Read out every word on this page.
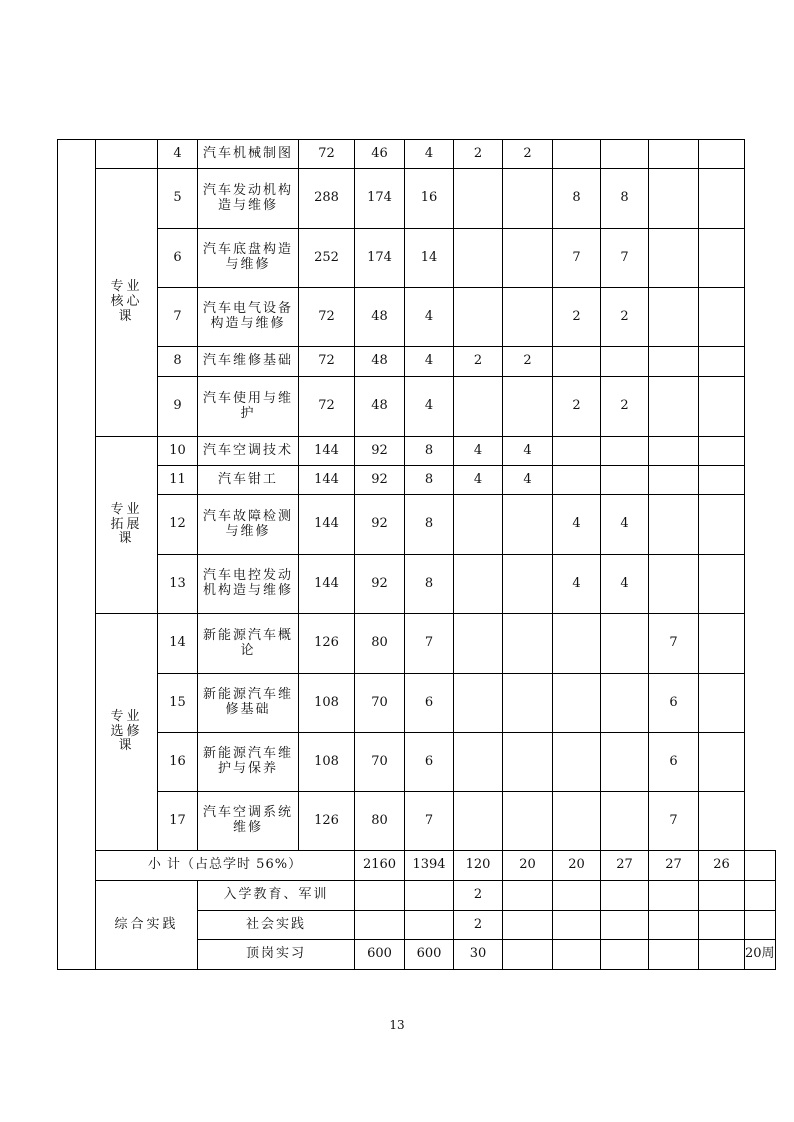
		4	汽车机械制图	72	46	4	2	2					
	专业核心课	5	汽车发动机构造与维修	288	174	16			8	8			
		6	汽车底盘构造与维修	252	174	14			7	7			
		7	汽车电气设备构造与维修	72	48	4			2	2			
		8	汽车维修基础	72	48	4	2	2					
		9	汽车使用与维护	72	48	4			2	2			
	专业拓展课	10	汽车空调技术	144	92	8	4	4					
		11	汽车钳工	144	92	8	4	4					
		12	汽车故障检测与维修	144	92	8			4	4			
		13	汽车电控发动机构造与维修	144	92	8			4	4			
	专业选修课	14	新能源汽车概论	126	80	7					7		
		15	新能源汽车维修基础	108	70	6					6		
		16	新能源汽车维护与保养	108	70	6					6		
		17	汽车空调系统维修	126	80	7					7		
	小 计（占总学时 56%）				2160	1394	120	20	20	27	27	26	
	综合实践		入学教育、军训				2						
			社会实践				2						
			顶岗实习		600	600	30						20周
13
